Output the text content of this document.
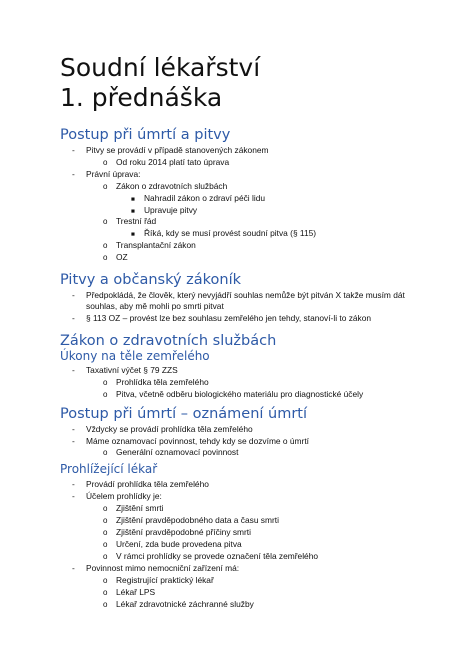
Soudní lékařství
1. přednáška
Postup při úmrtí a pitvy
- Pitvy se provádí v případě stanovených zákonem
o Od roku 2014 platí tato úprava
- Právní úprava:
o Zákon o zdravotních službách
■ Nahradil zákon o zdraví péči lidu
■ Upravuje pitvy
o Trestní řád
■ Říká, kdy se musí provést soudní pitva (§ 115)
o Transplantační zákon
o OZ
Pitvy a občanský zákoník
- Předpokládá, že člověk, který nevyjádří souhlas nemůže být pitván X takže musím dát
souhlas, aby mě mohli po smrti pitvat
- § 113 OZ – provést lze bez souhlasu zemřelého jen tehdy, stanoví-li to zákon
Zákon o zdravotních službách
Úkony na těle zemřelého
- Taxativní výčet § 79 ZZS
o Prohlídka těla zemřelého
o Pitva, včetně odběru biologického materiálu pro diagnostické účely
Postup při úmrtí – oznámení úmrtí
- Vždycky se provádí prohlídka těla zemřelého
- Máme oznamovací povinnost, tehdy kdy se dozvíme o úmrtí
o Generální oznamovací povinnost
Prohlížející lékař
- Provádí prohlídka těla zemřelého
- Účelem prohlídky je:
o Zjištění smrti
o Zjištění pravděpodobného data a času smrti
o Zjištění pravděpodobné příčiny smrti
o Určení, zda bude provedena pitva
o V rámci prohlídky se provede označení těla zemřelého
- Povinnost mimo nemocniční zařízení má:
o Registrující praktický lékař
o Lékař LPS
o Lékař zdravotnické záchranné služby
